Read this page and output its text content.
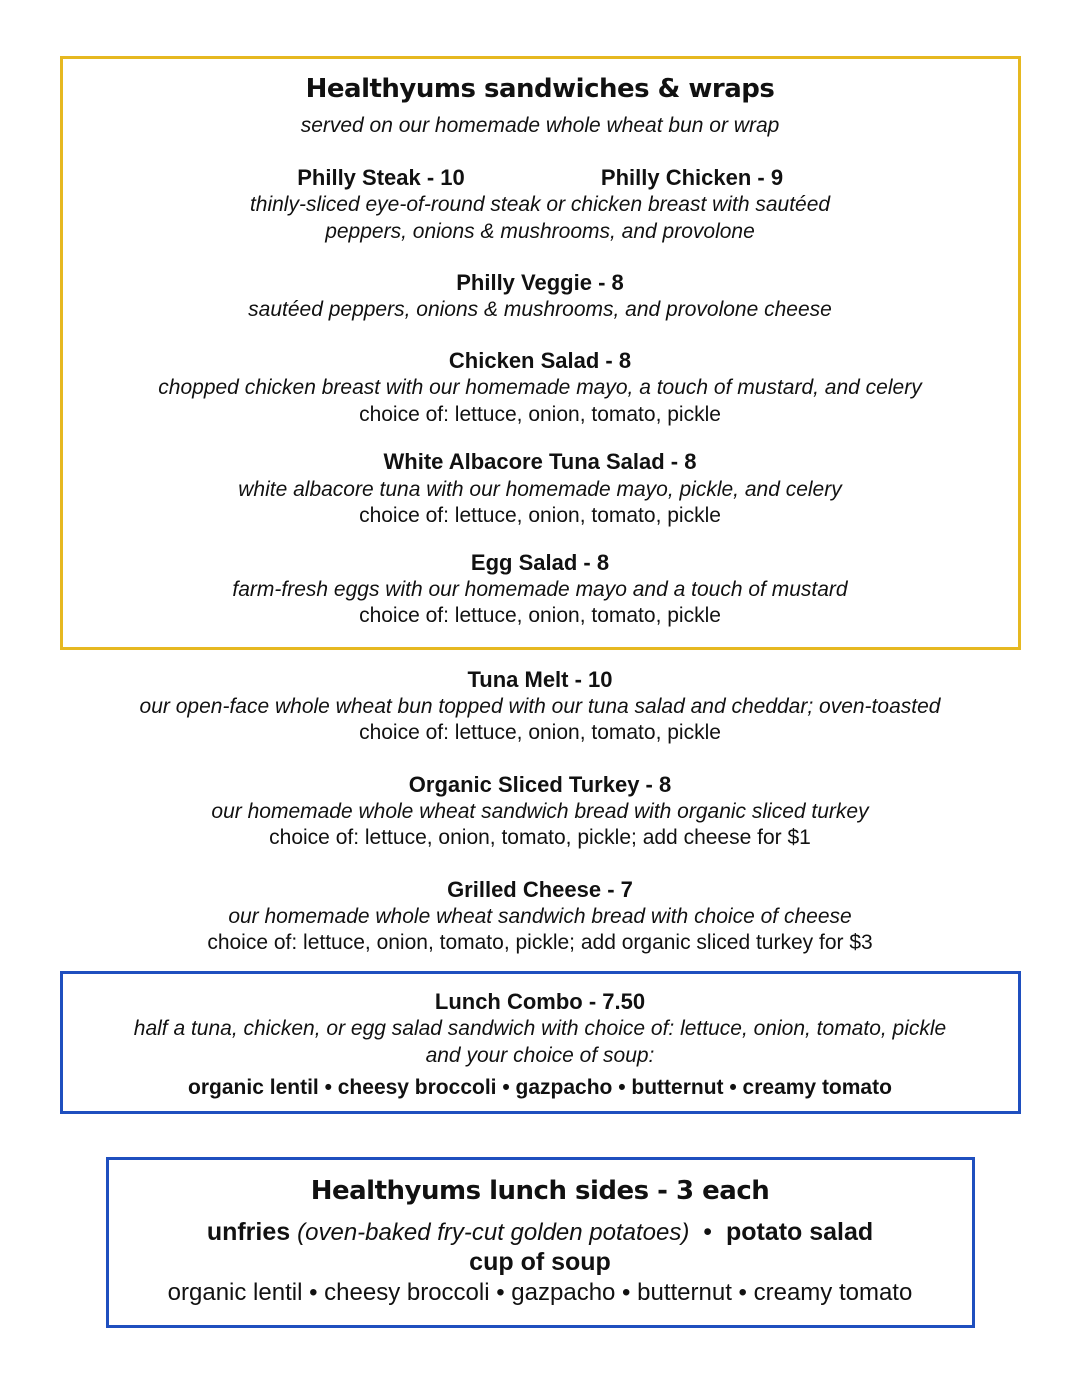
Healthyums sandwiches & wraps
served on our homemade whole wheat bun or wrap
Philly Steak - 10	Philly Chicken - 9
thinly-sliced eye-of-round steak or chicken breast with sautéed
peppers, onions & mushrooms, and provolone
Philly Veggie - 8
sautéed peppers, onions & mushrooms, and provolone cheese
Chicken Salad - 8
chopped chicken breast with our homemade mayo, a touch of mustard, and celery
choice of: lettuce, onion, tomato, pickle
White Albacore Tuna Salad - 8
white albacore tuna with our homemade mayo, pickle, and celery
choice of: lettuce, onion, tomato, pickle
Egg Salad - 8
farm-fresh eggs with our homemade mayo and a touch of mustard
choice of: lettuce, onion, tomato, pickle
Tuna Melt - 10
our open-face whole wheat bun topped with our tuna salad and cheddar; oven-toasted
choice of: lettuce, onion, tomato, pickle
Organic Sliced Turkey - 8
our homemade whole wheat sandwich bread with organic sliced turkey
choice of: lettuce, onion, tomato, pickle; add cheese for $1
Grilled Cheese - 7
our homemade whole wheat sandwich bread with choice of cheese
choice of: lettuce, onion, tomato, pickle; add organic sliced turkey for $3
Lunch Combo - 7.50
half a tuna, chicken, or egg salad sandwich with choice of: lettuce, onion, tomato, pickle
and your choice of soup:
organic lentil • cheesy broccoli • gazpacho • butternut • creamy tomato
Healthyums lunch sides - 3 each
unfries (oven-baked fry-cut golden potatoes) • potato salad
cup of soup
organic lentil • cheesy broccoli • gazpacho • butternut • creamy tomato
